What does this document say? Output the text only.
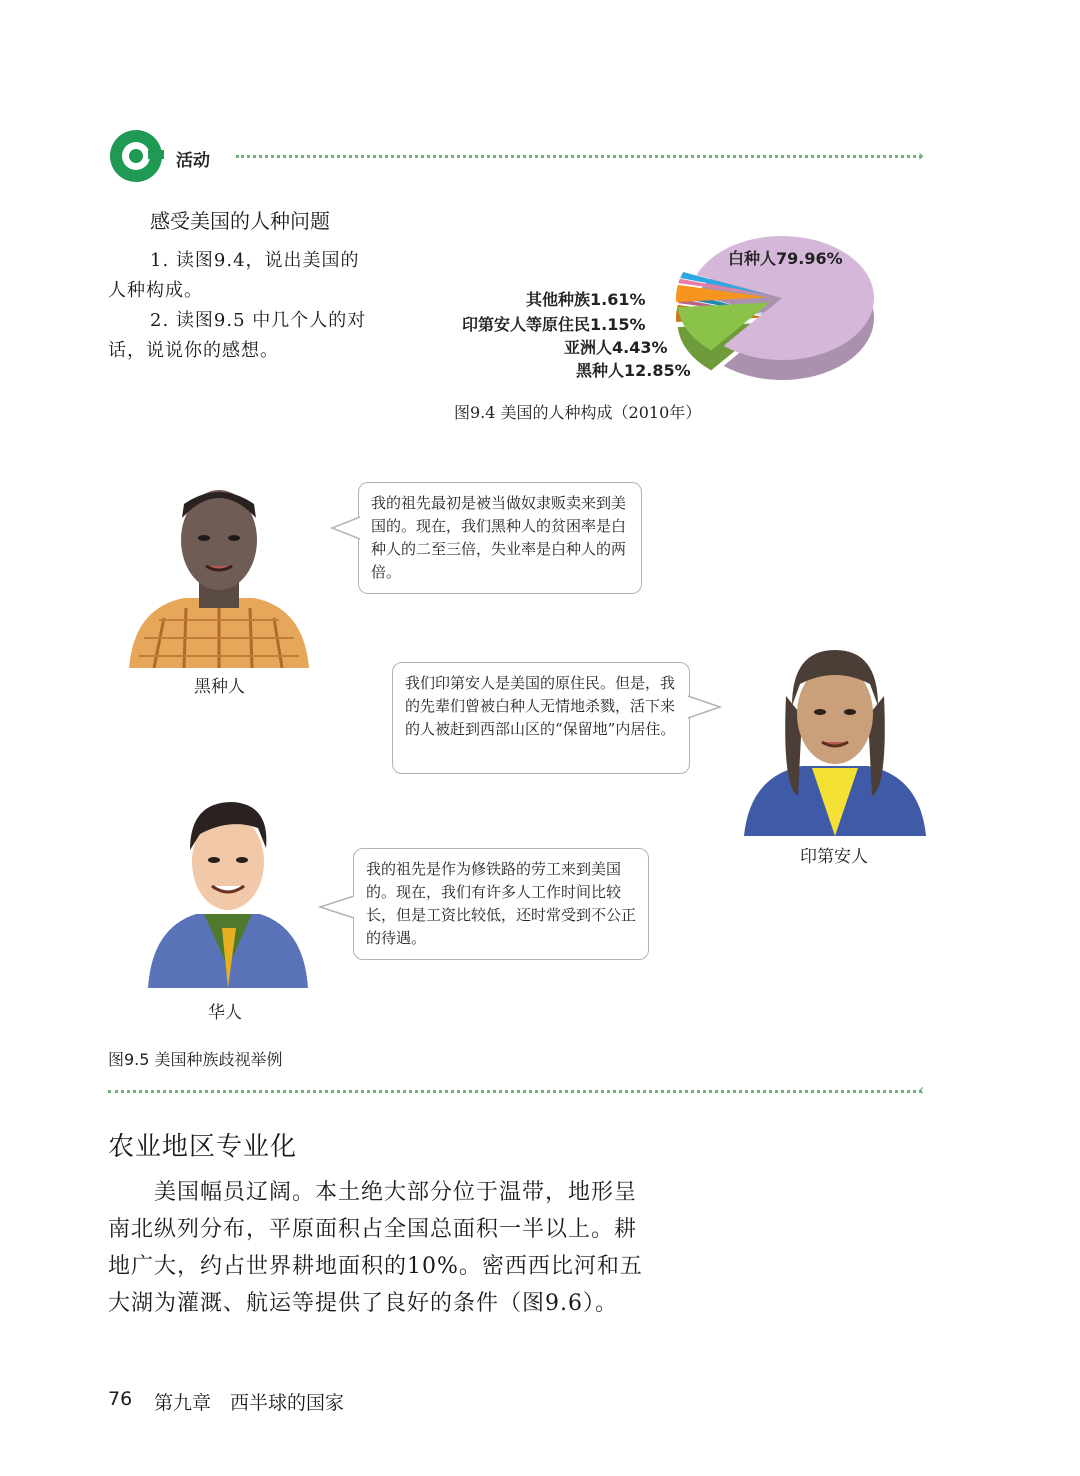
活动	›
感受美国的人种问题
1. 读图9.4，说出美国的人种构成。
2. 读图9.5 中几个人的对话，说说你的感想。
白种人79.96%
其他种族1.61%
印第安人等原住民1.15%
亚洲人4.43%
黑种人12.85%
图9.4 美国的人种构成（2010年）
黑种人
我的祖先最初是被当做奴隶贩卖来到美国的。现在，我们黑种人的贫困率是白种人的二至三倍，失业率是白种人的两倍。
我们印第安人是美国的原住民。但是，我的先辈们曾被白种人无情地杀戮，活下来的人被赶到西部山区的“保留地”内居住。
印第安人
华人
我的祖先是作为修铁路的劳工来到美国的。现在，我们有许多人工作时间比较长，但是工资比较低，还时常受到不公正的待遇。
图9.5 美国种族歧视举例
‹
农业地区专业化
美国幅员辽阔。本土绝大部分位于温带，地形呈南北纵列分布，平原面积占全国总面积一半以上。耕地广大，约占世界耕地面积的10%。密西西比河和五大湖为灌溉、航运等提供了良好的条件（图9.6）。
76 第九章　西半球的国家
